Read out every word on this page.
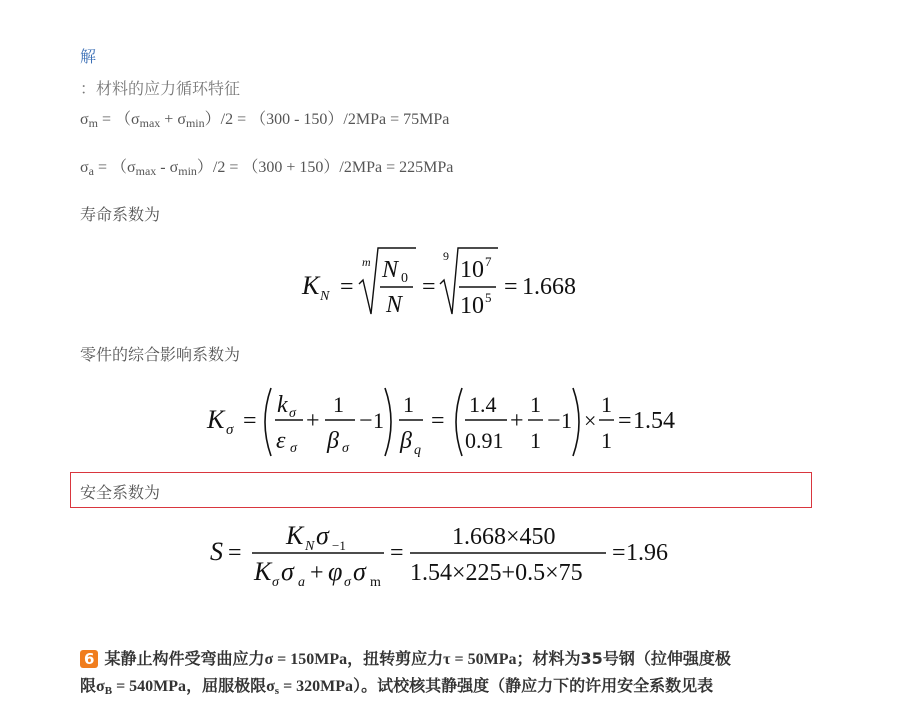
解
：材料的应力循环特征
$\sigma_m = (\sigma_{max} + \sigma_{min})/2 = (300 - 150)/2MPa = 75MPa$
$\sigma_a = (\sigma_{max} - \sigma_{min})/2 = (300 + 150)/2MPa = 225MPa$
寿命系数为
K N =
m N 0
N
=
9
10 7
10 5 = 1.668
零件的综合影响系数为
K σ =
k σ
ε σ
+
1
β σ
− 1
1
β q
=
1.4
0.91
+
1
1
− 1 ×
1
1
= 1.54
安全系数为
S =
K N σ −1
K σ σ a + φ σ σ m
=
1.668×450
1.54×225+0.5×75
= 1.96
6 某静止构件受弯曲应力σ = 150MPa，扭转剪应力τ = 50MPa；材料为35号钢（拉伸强度极
限$\sigma_B = 540MPa$，屈服极限$\sigma_s = 320MPa$）。试校核其静强度（静应力下的许用安全系数见表
